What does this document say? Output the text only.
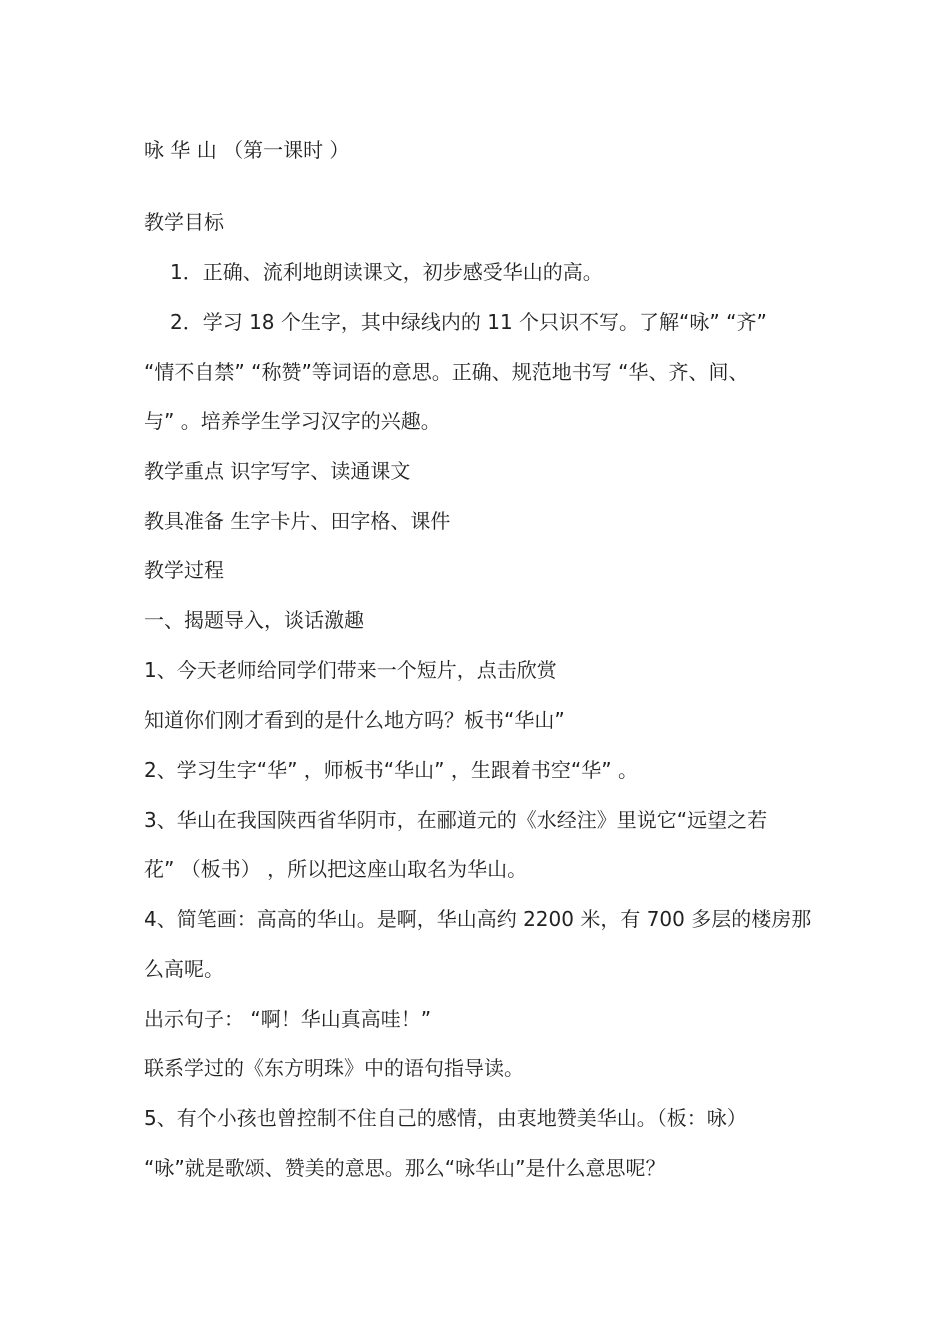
咏 华 山 （第一课时 ）
教学目标
1．正确、流利地朗读课文，初步感受华山的高。
2．学习 18 个生字，其中绿线内的 11 个只识不写。了解“咏” “齐”
“情不自禁” “称赞”等词语的意思。正确、规范地书写 “华、齐、间、
与” 。培养学生学习汉字的兴趣。
教学重点 识字写字、读通课文
教具准备 生字卡片、田字格、课件
教学过程
一、揭题导入，谈话激趣
1、今天老师给同学们带来一个短片，点击欣赏
知道你们刚才看到的是什么地方吗？板书“华山”
2、学习生字“华” ，师板书“华山” ，生跟着书空“华” 。
3、华山在我国陕西省华阴市，在郦道元的《水经注》里说它“远望之若
花” （板书） ，所以把这座山取名为华山。
4、简笔画：高高的华山。是啊，华山高约 2200 米，有 700 多层的楼房那
么高呢。
出示句子： “啊！华山真高哇！”
联系学过的《东方明珠》中的语句指导读。
5、有个小孩也曾控制不住自己的感情，由衷地赞美华山。（板：咏）
“咏”就是歌颂、赞美的意思。那么“咏华山”是什么意思呢？
